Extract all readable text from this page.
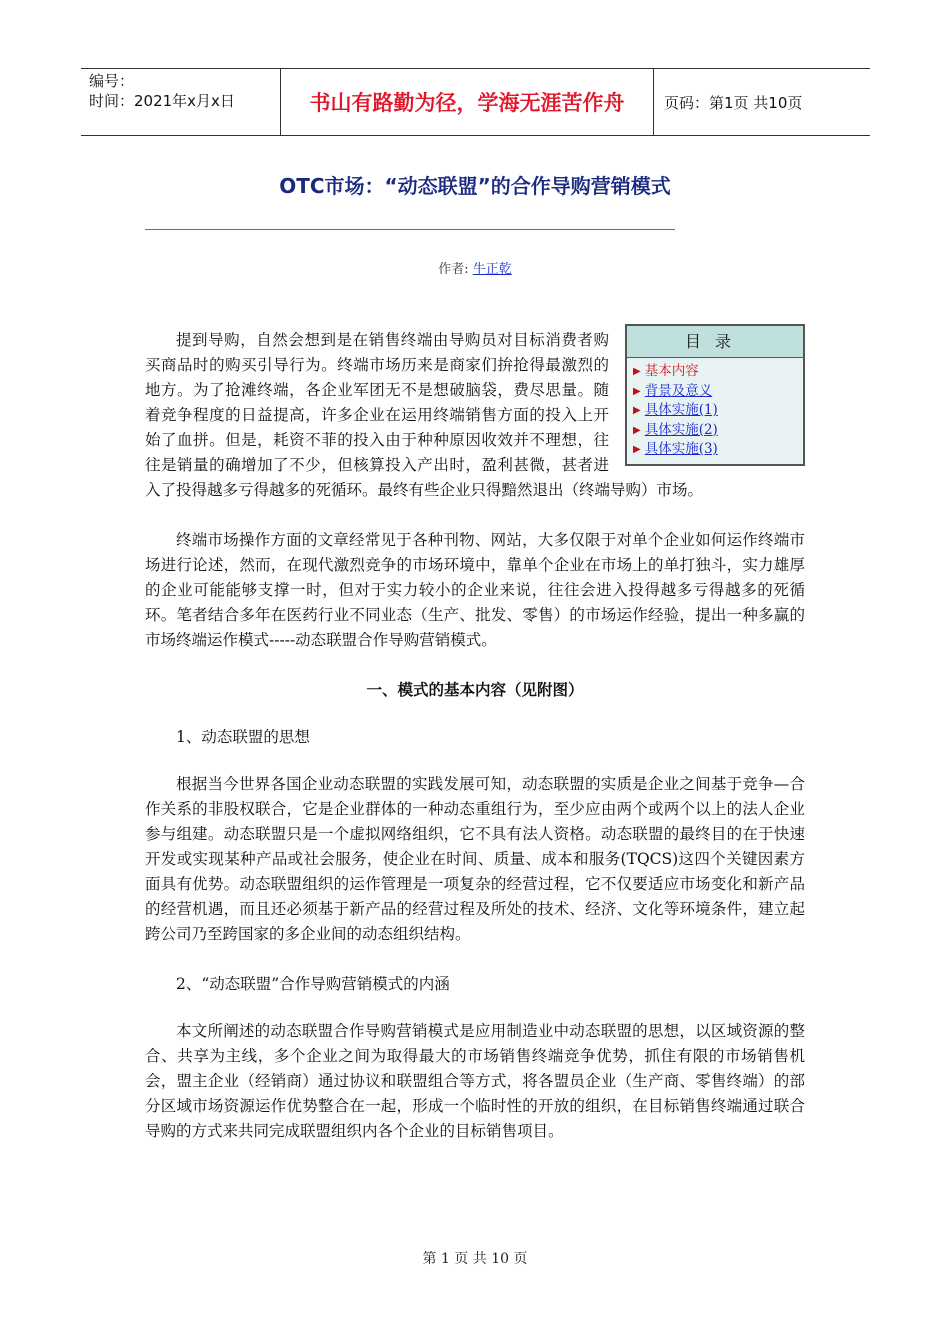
编号：
时间：2021年x月x日	书山有路勤为径，学海无涯苦作舟	页码：第1页 共10页
OTC市场：“动态联盟”的合作导购营销模式
作者: 牛正乾
目录
▶ 基本内容
▶ 背景及意义
▶ 具体实施(1)
▶ 具体实施(2)
▶ 具体实施(3)

提到导购，自然会想到是在销售终端由导购员对目标消费者购买商品时的购买引导行为。终端市场历来是商家们拚抢得最激烈的地方。为了抢滩终端，各企业军团无不是想破脑袋，费尽思量。随着竞争程度的日益提高，许多企业在运用终端销售方面的投入上开始了血拼。但是，耗资不菲的投入由于种种原因收效并不理想，往往是销量的确增加了不少，但核算投入产出时，盈利甚微，甚者进入了投得越多亏得越多的死循环。最终有些企业只得黯然退出（终端导购）市场。

终端市场操作方面的文章经常见于各种刊物、网站，大多仅限于对单个企业如何运作终端市场进行论述，然而，在现代激烈竞争的市场环境中，靠单个企业在市场上的单打独斗，实力雄厚的企业可能能够支撑一时，但对于实力较小的企业来说，往往会进入投得越多亏得越多的死循环。笔者结合多年在医药行业不同业态（生产、批发、零售）的市场运作经验，提出一种多赢的市场终端运作模式-----动态联盟合作导购营销模式。

一、模式的基本内容（见附图）
1、动态联盟的思想

根据当今世界各国企业动态联盟的实践发展可知，动态联盟的实质是企业之间基于竞争—合作关系的非股权联合，它是企业群体的一种动态重组行为，至少应由两个或两个以上的法人企业参与组建。动态联盟只是一个虚拟网络组织，它不具有法人资格。动态联盟的最终目的在于快速开发或实现某种产品或社会服务，使企业在时间、质量、成本和服务(TQCS)这四个关键因素方面具有优势。动态联盟组织的运作管理是一项复杂的经营过程，它不仅要适应市场变化和新产品的经营机遇，而且还必须基于新产品的经营过程及所处的技术、经济、文化等环境条件，建立起跨公司乃至跨国家的多企业间的动态组织结构。

2、“动态联盟”合作导购营销模式的内涵

本文所阐述的动态联盟合作导购营销模式是应用制造业中动态联盟的思想，以区域资源的整合、共享为主线，多个企业之间为取得最大的市场销售终端竞争优势，抓住有限的市场销售机会，盟主企业（经销商）通过协议和联盟组合等方式，将各盟员企业（生产商、零售终端）的部分区域市场资源运作优势整合在一起，形成一个临时性的开放的组织，在目标销售终端通过联合导购的方式来共同完成联盟组织内各个企业的目标销售项目。

第 1 页 共 10 页
